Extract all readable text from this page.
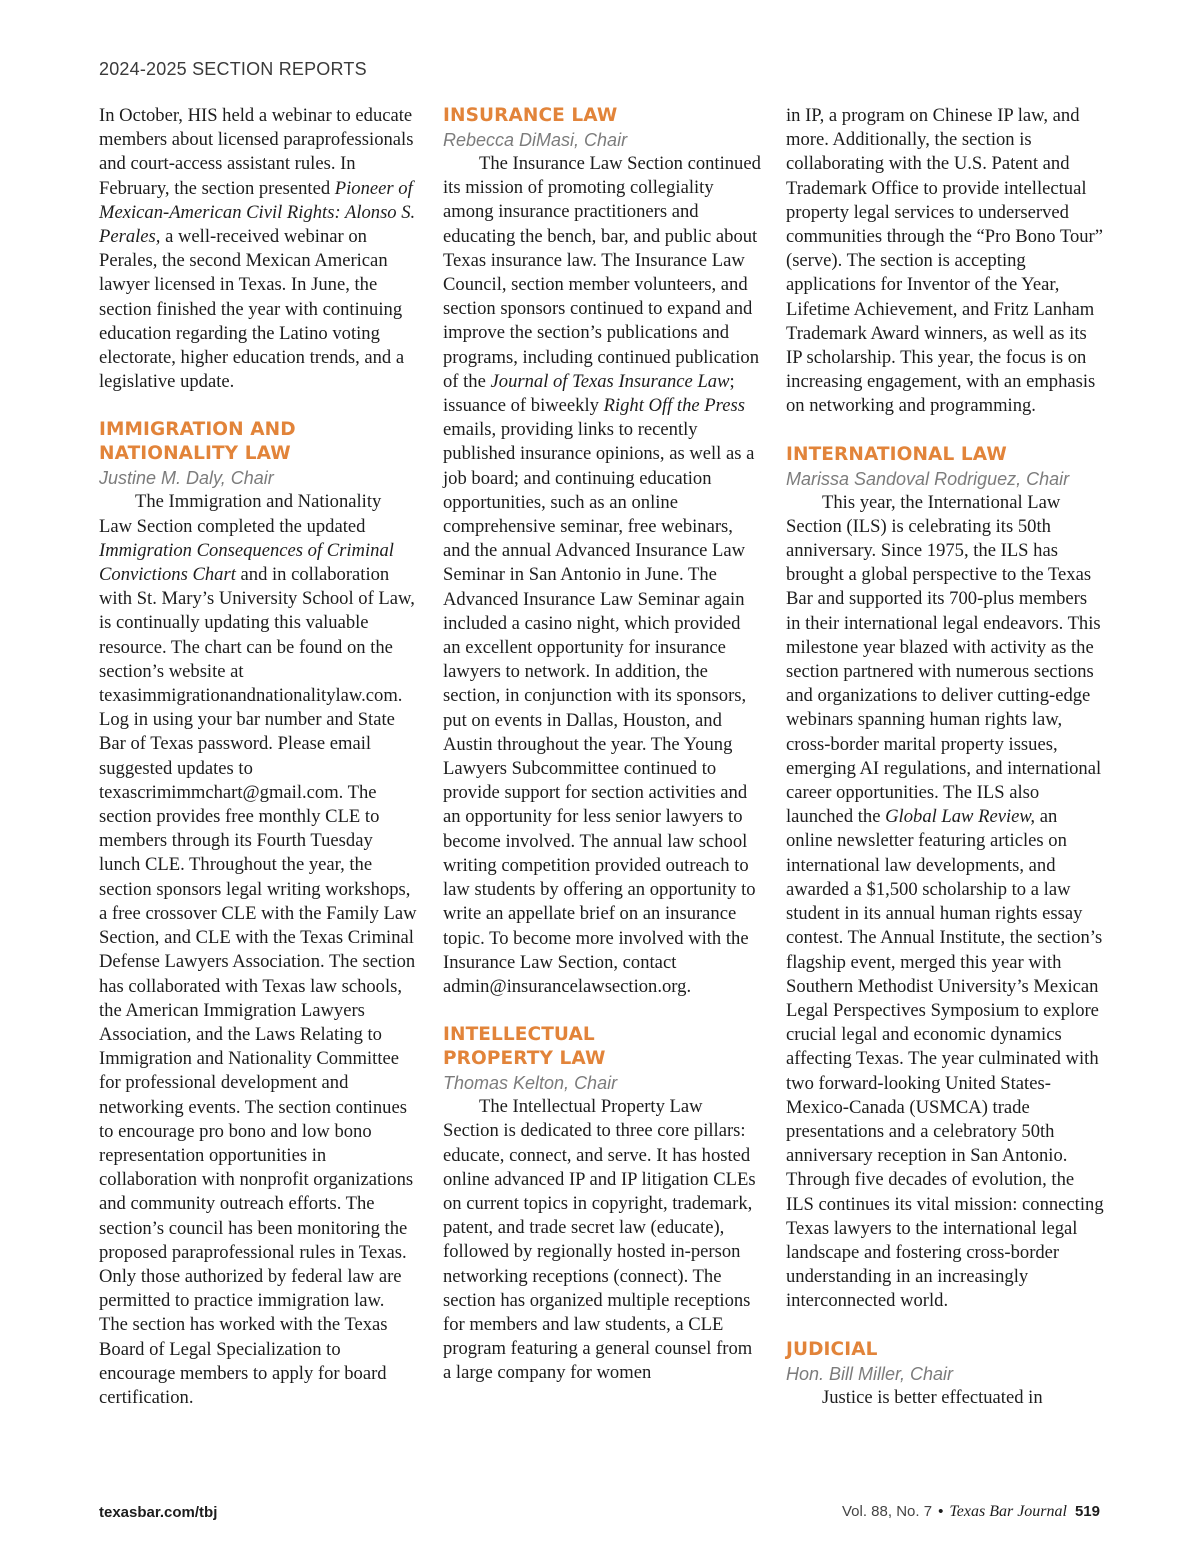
2024-2025 SECTION REPORTS

In October, HIS held a webinar to educate members about licensed paraprofessionals and court-access assistant rules. In February, the section presented Pioneer of Mexican-American Civil Rights: Alonso S. Perales, a well-received webinar on Perales, the second Mexican American lawyer licensed in Texas. In June, the section finished the year with continuing education regarding the Latino voting electorate, higher education trends, and a legislative update.

IMMIGRATION AND
NATIONALITY LAW

Justine M. Daly, Chair

The Immigration and Nationality Law Section completed the updated Immigration Consequences of Criminal Convictions Chart and in collaboration with St. Mary’s University School of Law, is continually updating this valuable resource. The chart can be found on the section’s website at texasimmigrationandnationalitylaw.com. Log in using your bar number and State Bar of Texas password. Please email suggested updates to texascrimimmchart@gmail.com. The section provides free monthly CLE to members through its Fourth Tuesday lunch CLE. Throughout the year, the section sponsors legal writing workshops, a free crossover CLE with the Family Law Section, and CLE with the Texas Criminal Defense Lawyers Association. The section has collaborated with Texas law schools, the American Immigration Lawyers Association, and the Laws Relating to Immigration and Nationality Committee for professional development and networking events. The section continues to encourage pro bono and low bono representation opportunities in collaboration with nonprofit organizations and community outreach efforts. The section’s council has been monitoring the proposed paraprofessional rules in Texas. Only those authorized by federal law are permitted to practice immigration law. The section has worked with the Texas Board of Legal Specialization to encourage members to apply for board certification.

INSURANCE LAW

Rebecca DiMasi, Chair

The Insurance Law Section continued its mission of promoting collegiality among insurance practitioners and educating the bench, bar, and public about Texas insurance law. The Insurance Law Council, section member volunteers, and section sponsors continued to expand and improve the section’s publications and programs, including continued publication of the Journal of Texas Insurance Law; issuance of biweekly Right Off the Press emails, providing links to recently published insurance opinions, as well as a job board; and continuing education opportunities, such as an online comprehensive seminar, free webinars, and the annual Advanced Insurance Law Seminar in San Antonio in June. The Advanced Insurance Law Seminar again included a casino night, which provided an excellent opportunity for insurance lawyers to network. In addition, the section, in conjunction with its sponsors, put on events in Dallas, Houston, and Austin throughout the year. The Young Lawyers Subcommittee continued to provide support for section activities and an opportunity for less senior lawyers to become involved. The annual law school writing competition provided outreach to law students by offering an opportunity to write an appellate brief on an insurance topic. To become more involved with the Insurance Law Section, contact admin@insurancelawsection.org.

INTELLECTUAL
PROPERTY LAW

Thomas Kelton, Chair

The Intellectual Property Law Section is dedicated to three core pillars: educate, connect, and serve. It has hosted online advanced IP and IP litigation CLEs on current topics in copyright, trademark, patent, and trade secret law (educate), followed by regionally hosted in-person networking receptions (connect). The section has organized multiple receptions for members and law students, a CLE program featuring a general counsel from a large company for women

in IP, a program on Chinese IP law, and more. Additionally, the section is collaborating with the U.S. Patent and Trademark Office to provide intellectual property legal services to underserved communities through the “Pro Bono Tour” (serve). The section is accepting applications for Inventor of the Year, Lifetime Achievement, and Fritz Lanham Trademark Award winners, as well as its IP scholarship. This year, the focus is on increasing engagement, with an emphasis on networking and programming.

INTERNATIONAL LAW

Marissa Sandoval Rodriguez, Chair

This year, the International Law Section (ILS) is celebrating its 50th anniversary. Since 1975, the ILS has brought a global perspective to the Texas Bar and supported its 700-plus members in their international legal endeavors. This milestone year blazed with activity as the section partnered with numerous sections and organizations to deliver cutting-edge webinars spanning human rights law, cross-border marital property issues, emerging AI regulations, and international career opportunities. The ILS also launched the Global Law Review, an online newsletter featuring articles on international law developments, and awarded a $1,500 scholarship to a law student in its annual human rights essay contest. The Annual Institute, the section’s flagship event, merged this year with Southern Methodist University’s Mexican Legal Perspectives Symposium to explore crucial legal and economic dynamics affecting Texas. The year culminated with two forward-looking United States-Mexico-Canada (USMCA) trade presentations and a celebratory 50th anniversary reception in San Antonio. Through five decades of evolution, the ILS continues its vital mission: connecting Texas lawyers to the international legal landscape and fostering cross-border understanding in an increasingly interconnected world.

JUDICIAL

Hon. Bill Miller, Chair

Justice is better effectuated in

texasbar.com/tbj	Vol. 88, No. 7 • Texas Bar Journal 519
